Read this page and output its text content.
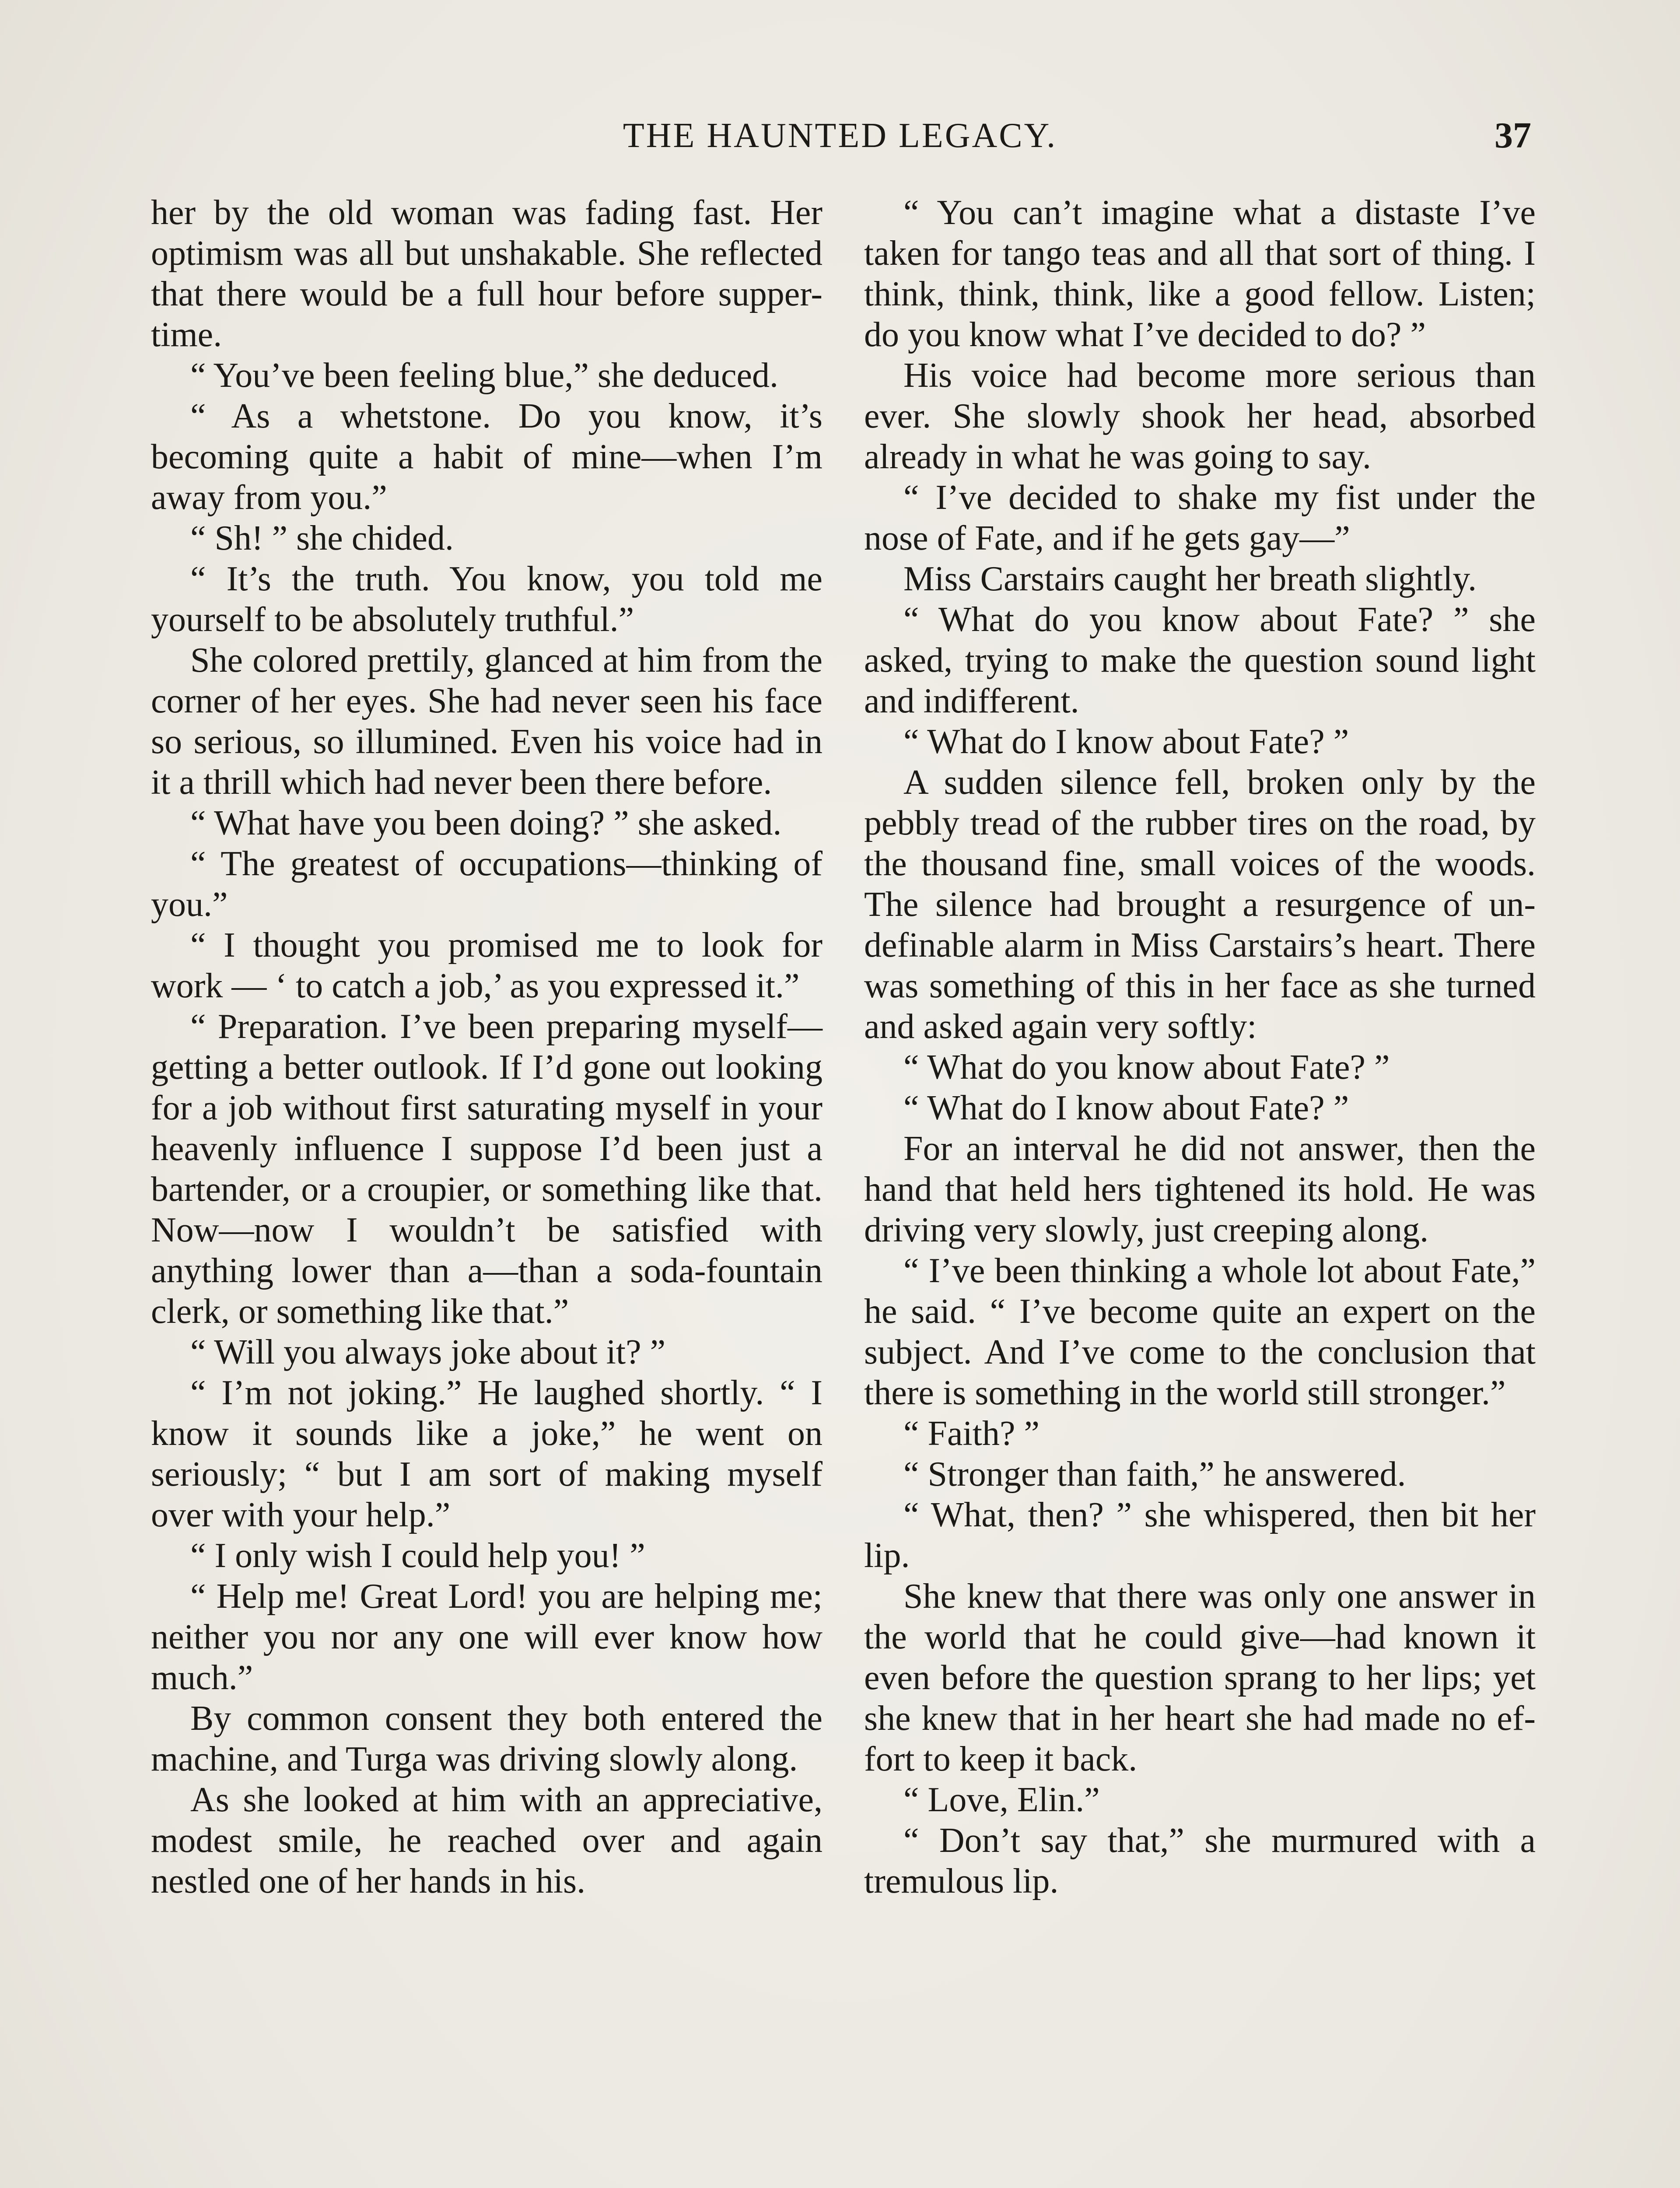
THE HAUNTED LEGACY.	37

her by the old woman was fading fast. Her optimism was all but unshakable. She reflected that there would be a full hour before supper-time.

“ You’ve been feeling blue,” she deduced.

“ As a whetstone. Do you know, it’s becoming quite a habit of mine—when I’m away from you.”

“ Sh! ” she chided.

“ It’s the truth. You know, you told me yourself to be absolutely truthful.”

She colored prettily, glanced at him from the corner of her eyes. She had never seen his face so serious, so illumined. Even his voice had in it a thrill which had never been there before.

“ What have you been doing? ” she asked.

“ The greatest of occupations—thinking of you.”

“ I thought you promised me to look for work — ‘ to catch a job,’ as you expressed it.”

“ Preparation. I’ve been preparing myself—getting a better outlook. If I’d gone out looking for a job without first saturating myself in your heavenly influence I suppose I’d been just a bartender, or a croupier, or something like that. Now—now I wouldn’t be satisfied with anything lower than a—than a soda-fountain clerk, or something like that.”

“ Will you always joke about it? ”

“ I’m not joking.” He laughed shortly. “ I know it sounds like a joke,” he went on seriously; “ but I am sort of making myself over with your help.”

“ I only wish I could help you! ”

“ Help me! Great Lord! you are helping me; neither you nor any one will ever know how much.”

By common consent they both entered the machine, and Turga was driving slowly along.

As she looked at him with an appreciative, modest smile, he reached over and again nestled one of her hands in his.

“ You can’t imagine what a distaste I’ve taken for tango teas and all that sort of thing. I think, think, think, like a good fellow. Listen; do you know what I’ve decided to do? ”

His voice had become more serious than ever. She slowly shook her head, absorbed already in what he was going to say.

“ I’ve decided to shake my fist under the nose of Fate, and if he gets gay—”

Miss Carstairs caught her breath slightly.

“ What do you know about Fate? ” she asked, trying to make the question sound light and indifferent.

“ What do I know about Fate? ”

A sudden silence fell, broken only by the pebbly tread of the rubber tires on the road, by the thousand fine, small voices of the woods. The silence had brought a resurgence of undefinable alarm in Miss Carstairs’s heart. There was something of this in her face as she turned and asked again very softly:

“ What do you know about Fate? ”

“ What do I know about Fate? ”

For an interval he did not answer, then the hand that held hers tightened its hold. He was driving very slowly, just creeping along.

“ I’ve been thinking a whole lot about Fate,” he said. “ I’ve become quite an expert on the subject. And I’ve come to the conclusion that there is something in the world still stronger.”

“ Faith? ”

“ Stronger than faith,” he answered.

“ What, then? ” she whispered, then bit her lip.

She knew that there was only one answer in the world that he could give—had known it even before the question sprang to her lips; yet she knew that in her heart she had made no effort to keep it back.

“ Love, Elin.”

“ Don’t say that,” she murmured with a tremulous lip.
